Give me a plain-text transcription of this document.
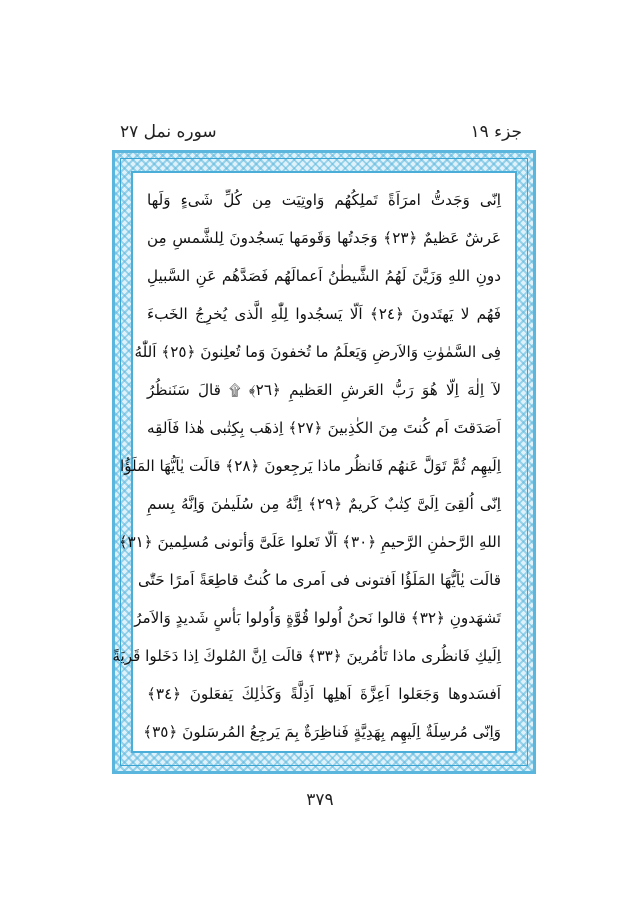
جزء ١٩
سوره نمل ٢٧
اِنّى وَجَدتُّ امرَاَةً تَملِكُهُم وَاوتِيَت مِن كُلِّ شَىءٍ وَلَها
عَرشٌ عَظيمٌ ﴿٢٣﴾ وَجَدتُها وَقَومَها يَسجُدونَ لِلشَّمسِ مِن
دونِ اللهِ وَزَيَّنَ لَهُمُ الشَّيطٰنُ اَعمالَهُم فَصَدَّهُم عَنِ السَّبيلِ
فَهُم لا يَهتَدونَ ﴿٢٤﴾ اَلّا يَسجُدوا لِلّٰهِ الَّذى يُخرِجُ الخَبءَ
فِى السَّمٰوٰتِ وَالاَرضِ وَيَعلَمُ ما تُخفونَ وَما تُعلِنونَ ﴿٢٥﴾ اَللّٰهُ
لآ اِلٰهَ اِلّا هُوَ رَبُّ العَرشِ العَظيمِ ﴿٢٦﴾ ۩ قالَ سَنَنظُرُ
اَصَدَقتَ اَم كُنتَ مِنَ الكٰذِبينَ ﴿٢٧﴾ اِذهَب بِكِتٰبى هٰذا فَاَلقِه
اِلَيهِم ثُمَّ تَوَلَّ عَنهُم فَانظُر ماذا يَرجِعونَ ﴿٢٨﴾ قالَت يٰاَيُّهَا المَلَؤُا
اِنّى اُلقِىَ اِلَىَّ كِتٰبٌ كَريمٌ ﴿٢٩﴾ اِنَّهُ مِن سُلَيمٰنَ وَاِنَّهُ بِسمِ
اللهِ الرَّحمٰنِ الرَّحيمِ ﴿٣٠﴾ اَلّا تَعلوا عَلَىَّ وَأتونى مُسلِمينَ ﴿٣١﴾
قالَت يٰاَيُّهَا المَلَؤُا اَفتونى فى اَمرى ما كُنتُ قاطِعَةً اَمرًا حَتّٰى
تَشهَدونِ ﴿٣٢﴾ قالوا نَحنُ اُولوا قُوَّةٍ وَاُولوا بَأسٍ شَديدٍ وَالاَمرُ
اِلَيكِ فَانظُرى ماذا تَأمُرينَ ﴿٣٣﴾ قالَت اِنَّ المُلوكَ اِذا دَخَلوا قَريَةً
اَفسَدوها وَجَعَلوا اَعِزَّةَ اَهلِها اَذِلَّةً وَكَذٰلِكَ يَفعَلونَ ﴿٣٤﴾
وَاِنّى مُرسِلَةٌ اِلَيهِم بِهَدِيَّةٍ فَناظِرَةٌ بِمَ يَرجِعُ المُرسَلونَ ﴿٣٥﴾
٣٧٩
